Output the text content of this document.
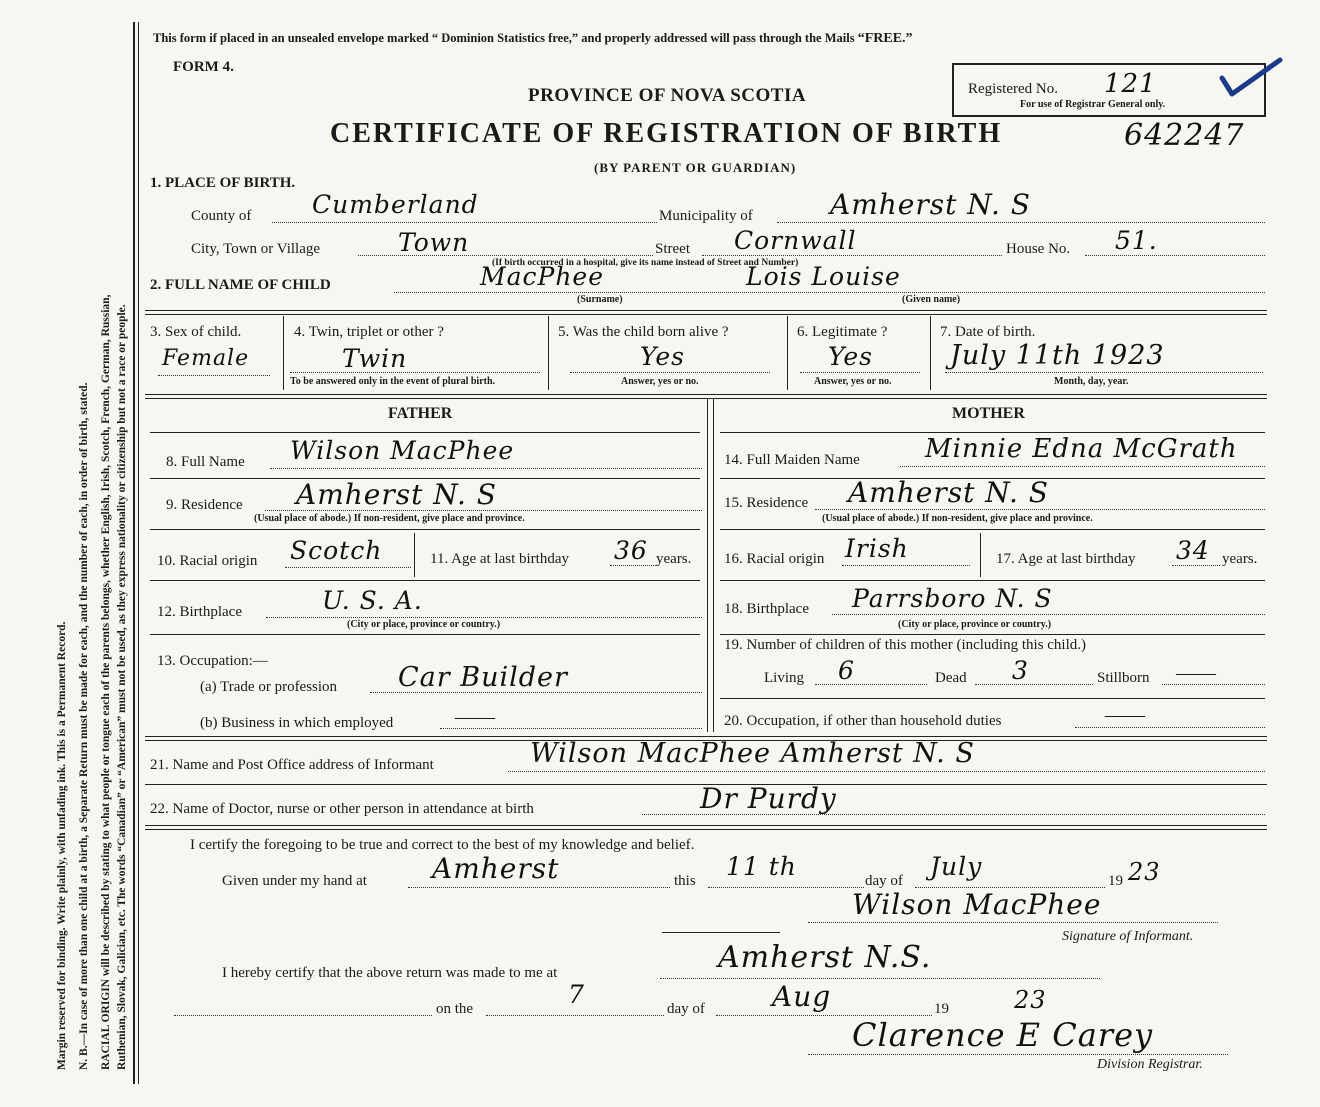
Margin reserved for binding. Write plainly, with unfading ink. This is a Permanent Record. N. B.—In case of more than one child at a birth, a Separate Return must be made for each, and the number of each, in order of birth, stated. RACIAL ORIGIN will be described by stating to what people or tongue each of the parents belongs, whether English, Irish, Scotch, French, German, Russian, Ruthenian, Slovak, Galician, etc. The words “Canadian” or “American” must not be used, as they express nationality or citizenship but not a race or people.
This form if placed in an unsealed envelope marked “ Dominion Statistics free,” and properly addressed will pass through the Mails “FREE.”
FORM 4.
PROVINCE OF NOVA SCOTIA
CERTIFICATE OF REGISTRATION OF BIRTH
(BY PARENT OR GUARDIAN)
Registered No. 121
For use of Registrar General only.
642247
1. PLACE OF BIRTH.
County of Cumberland	Municipality of	Amherst N. S
City, Town or Village	Town	Street Cornwall	House No. 51.
(If birth occurred in a hospital, give its name instead of Street and Number)
2. FULL NAME OF CHILD	MacPhee
(Surname)
Lois Louise
(Given name)
3. Sex of child.
Female
4. Twin, triplet or other ?
Twin
To be answered only in the event of plural birth.
5. Was the child born alive ?
Yes
Answer, yes or no.
6. Legitimate ?
Yes
Answer, yes or no.
7. Date of birth.
July 11th 1923
Month, day, year.
FATHER	MOTHER
8. Full Name Wilson MacPhee
9. Residence Amherst N. S
(Usual place of abode.) If non-resident, give place and province.
10. Racial origin Scotch	11. Age at last birthday 36 years.
12. Birthplace	U. S. A.
(City or place, province or country.)
13. Occupation:—
(a) Trade or profession Car Builder
(b) Business in which employed	——
14. Full Maiden Name	Minnie Edna McGrath
15. Residence Amherst N. S
(Usual place of abode.) If non-resident, give place and province.
16. Racial origin Irish	17. Age at last birthday 34 years.
18. Birthplace Parrsboro N. S
(City or place, province or country.)
19. Number of children of this mother (including this child.)
Living 6	Dead 3	Stillborn ——
20. Occupation, if other than household duties	——
21. Name and Post Office address of Informant	Wilson MacPhee Amherst N. S
22. Name of Doctor, nurse or other person in attendance at birth	Dr Purdy
I certify the foregoing to be true and correct to the best of my knowledge and belief.
Given under my hand at Amherst	this 11 th	day of July	19 23
Wilson MacPhee
Signature of Informant.
I hereby certify that the above return was made to me at	Amherst N.S.
on the	7	day of Aug	19	23
Clarence E Carey
Division Registrar.
